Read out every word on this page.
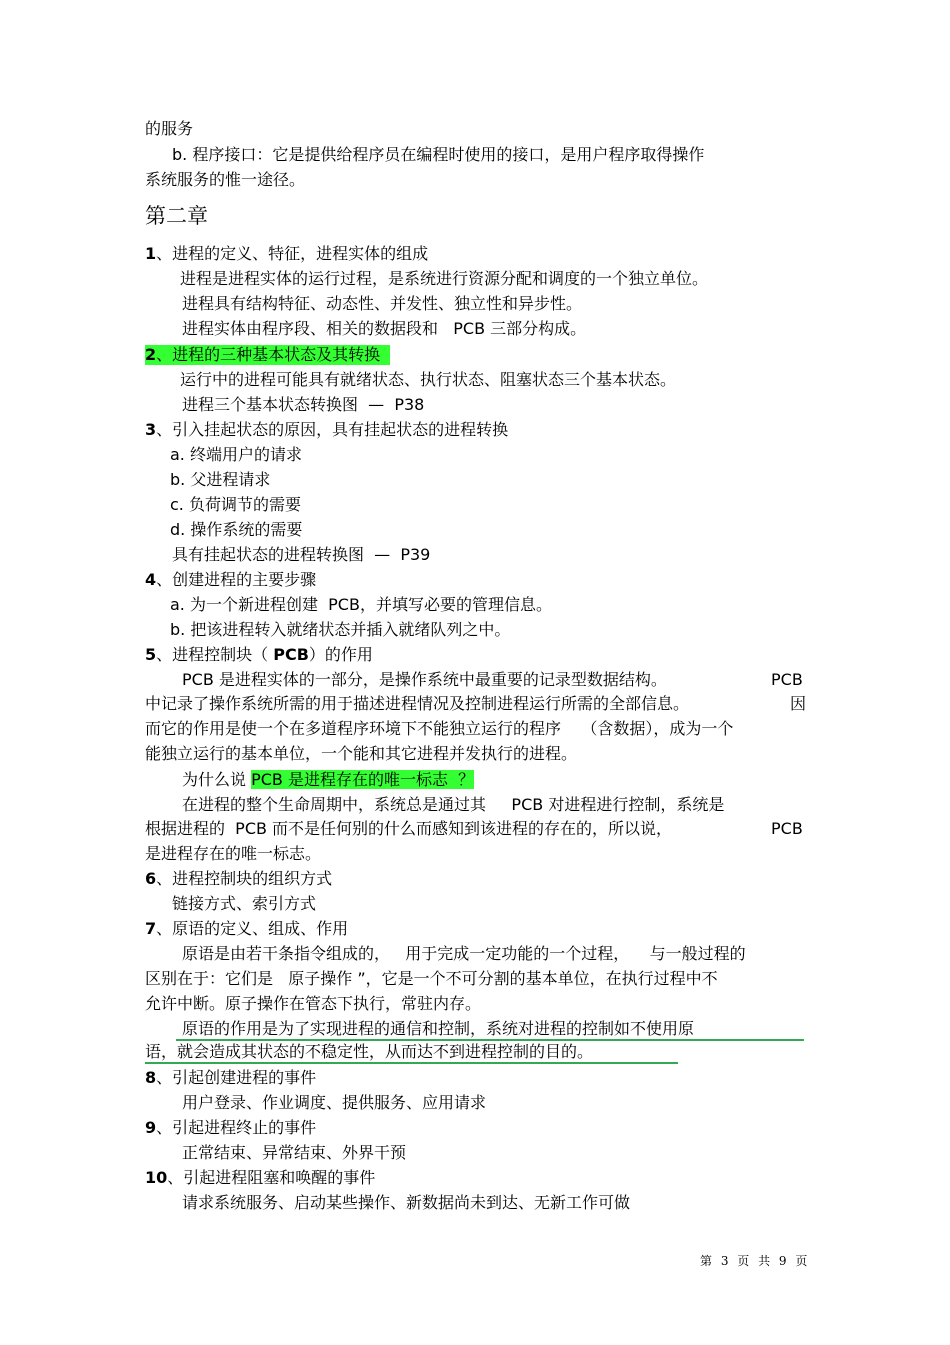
的服务
b. 程序接口：它是提供给程序员在编程时使用的接口，是用户程序取得操作
系统服务的惟一途径。
第二章
1、进程的定义、特征，进程实体的组成
进程是进程实体的运行过程，是系统进行资源分配和调度的一个独立单位。
进程具有结构特征、动态性、并发性、独立性和异步性。
进程实体由程序段、相关的数据段和   PCB 三部分构成。
2、进程的三种基本状态及其转换
运行中的进程可能具有就绪状态、执行状态、阻塞状态三个基本状态。
进程三个基本状态转换图  —  P38
3、引入挂起状态的原因，具有挂起状态的进程转换
a. 终端用户的请求
b. 父进程请求
c. 负荷调节的需要
d. 操作系统的需要
具有挂起状态的进程转换图  —  P39
4、创建进程的主要步骤
a. 为一个新进程创建  PCB，并填写必要的管理信息。
b. 把该进程转入就绪状态并插入就绪队列之中。
5、进程控制块（ PCB）的作用
PCB 是进程实体的一部分，是操作系统中最重要的记录型数据结构。	PCB
中记录了操作系统所需的用于描述进程情况及控制进程运行所需的全部信息。	因
而它的作用是使一个在多道程序环境下不能独立运行的程序    （含数据），成为一个
能独立运行的基本单位，一个能和其它进程并发执行的进程。
为什么说 PCB 是进程存在的唯一标志  ？
在进程的整个生命周期中，系统总是通过其     PCB 对进程进行控制，系统是
根据进程的  PCB 而不是任何别的什么而感知到该进程的存在的，所以说，	PCB
是进程存在的唯一标志。
6、进程控制块的组织方式
链接方式、索引方式
7、原语的定义、组成、作用
原语是由若干条指令组成的，   用于完成一定功能的一个过程，    与一般过程的
区别在于：它们是   原子操作 ”，它是一个不可分割的基本单位，在执行过程中不
允许中断。原子操作在管态下执行，常驻内存。
原语的作用是为了实现进程的通信和控制，系统对进程的控制如不使用原
语，就会造成其状态的不稳定性，从而达不到进程控制的目的。
8、引起创建进程的事件
用户登录、作业调度、提供服务、应用请求
9、引起进程终止的事件
正常结束、异常结束、外界干预
10、引起进程阻塞和唤醒的事件
请求系统服务、启动某些操作、新数据尚未到达、无新工作可做
第 3 页 共 9 页
